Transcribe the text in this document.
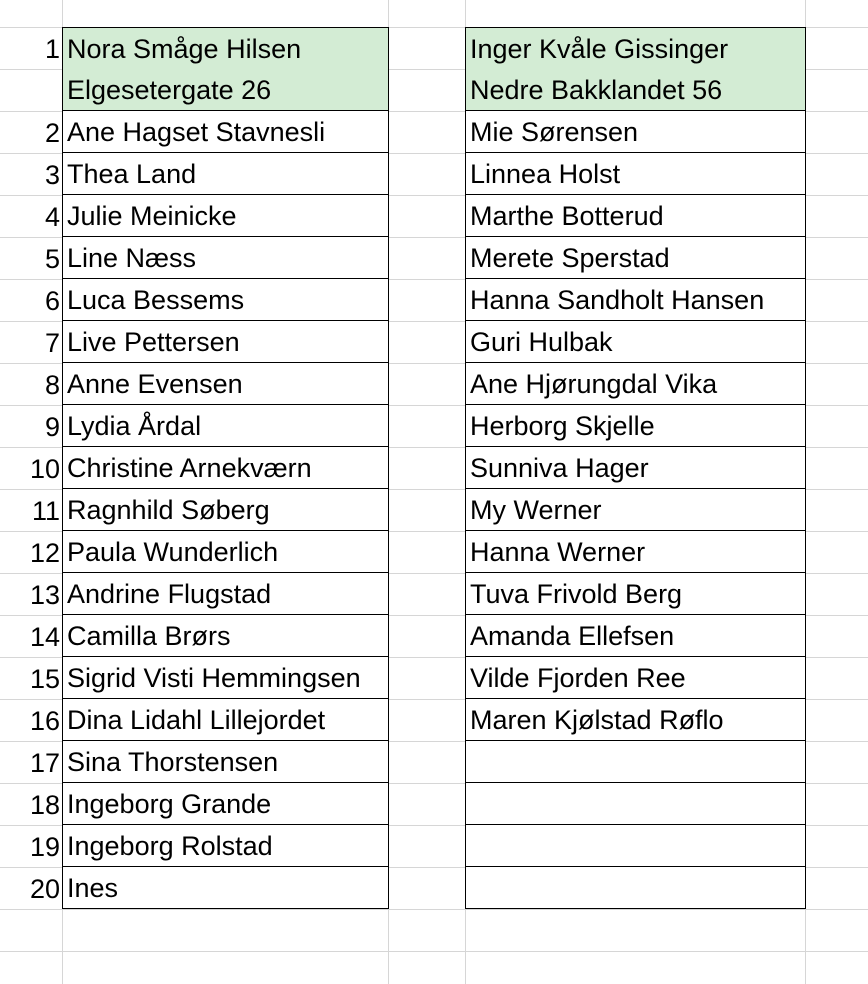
1
2
3
4
5
6
7
8
9
10
11
12
13
14
15
16
17
18
19
20
Nora Småge Hilsen
Elgesetergate 26
Ane Hagset Stavnesli
Thea Land
Julie Meinicke
Line Næss
Luca Bessems
Live Pettersen
Anne Evensen
Lydia Årdal
Christine Arnekværn
Ragnhild Søberg
Paula Wunderlich
Andrine Flugstad
Camilla Brørs
Sigrid Visti Hemmingsen
Dina Lidahl Lillejordet
Sina Thorstensen
Ingeborg Grande
Ingeborg Rolstad
Ines
Inger Kvåle Gissinger
Nedre Bakklandet 56
Mie Sørensen
Linnea Holst
Marthe Botterud
Merete Sperstad
Hanna Sandholt Hansen
Guri Hulbak
Ane Hjørungdal Vika
Herborg Skjelle
Sunniva Hager
My Werner
Hanna Werner
Tuva Frivold Berg
Amanda Ellefsen
Vilde Fjorden Ree
Maren Kjølstad Røflo
